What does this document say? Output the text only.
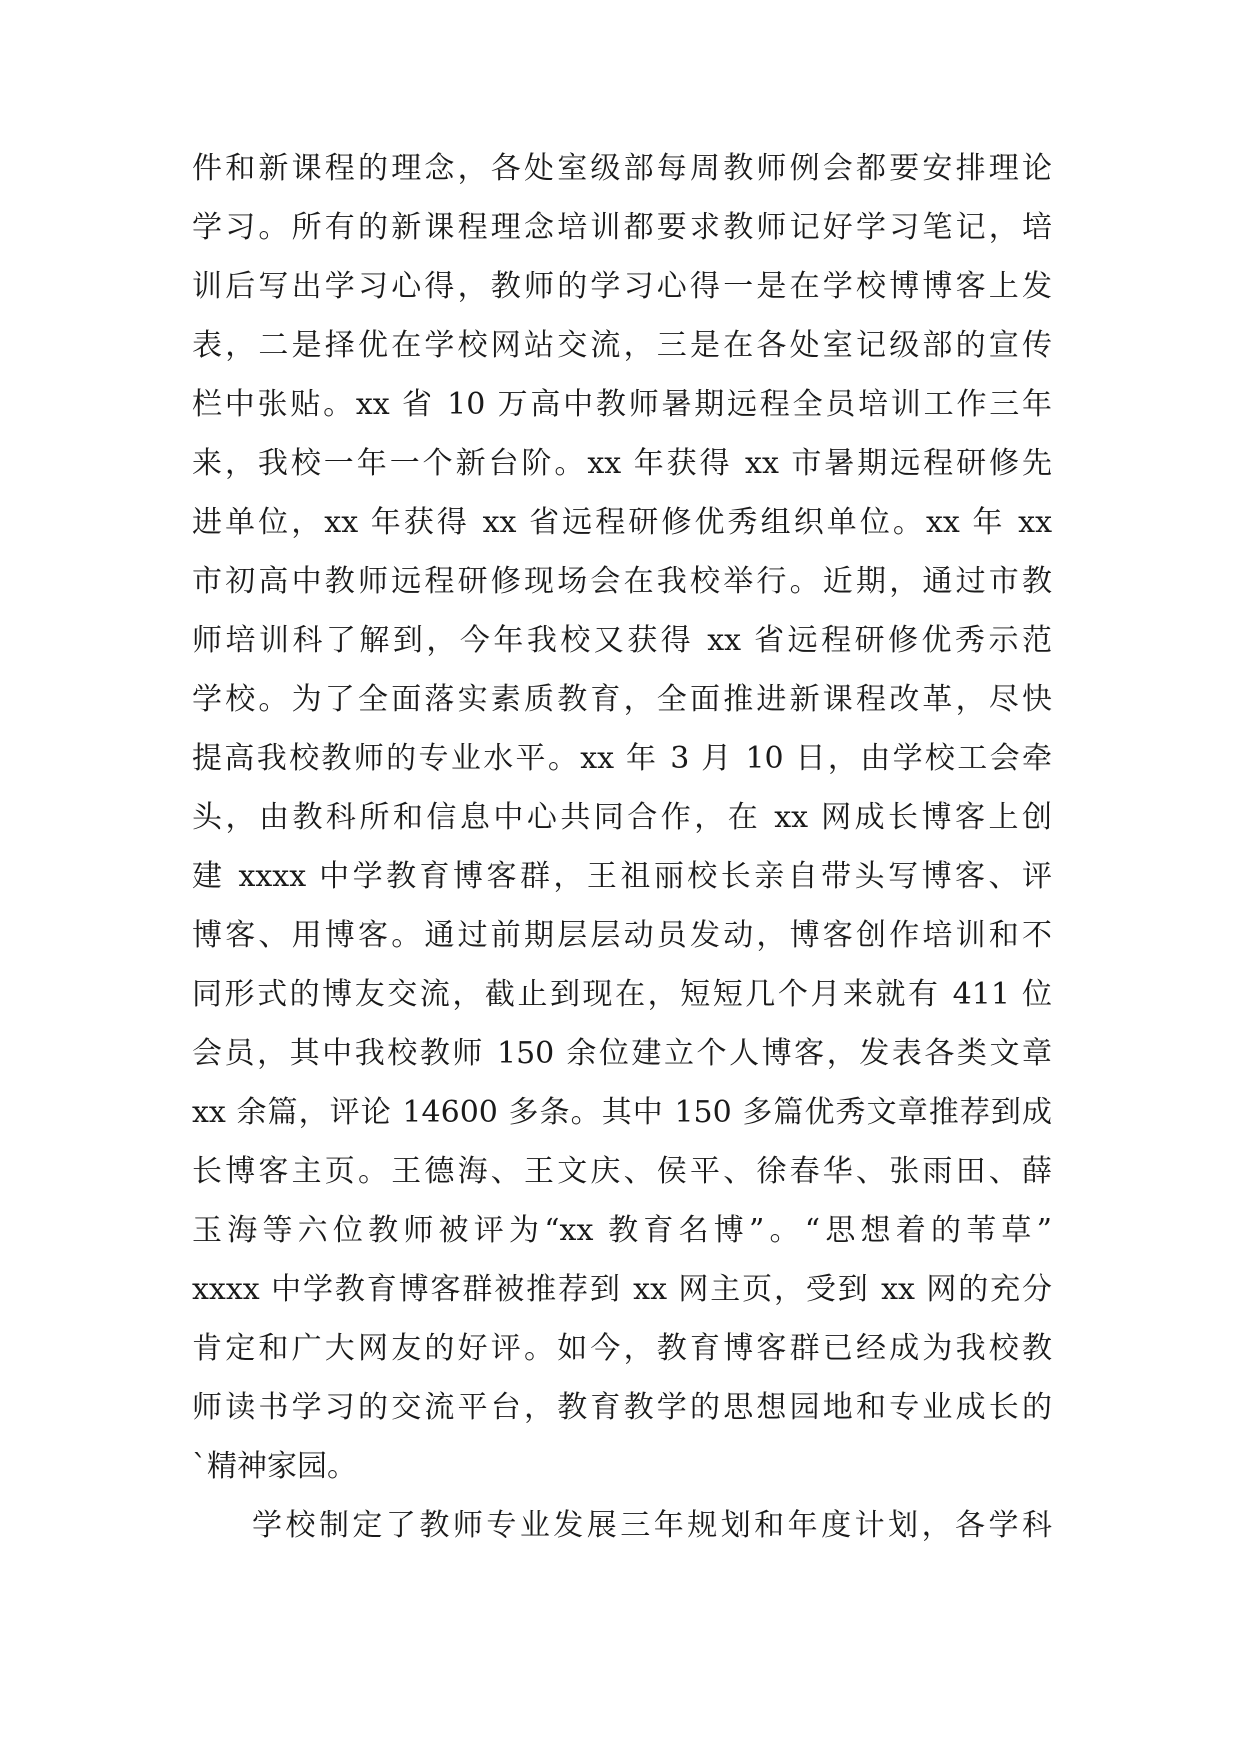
件和新课程的理念，各处室级部每周教师例会都要安排理论
学习。所有的新课程理念培训都要求教师记好学习笔记，培
训后写出学习心得，教师的学习心得一是在学校博博客上发
表，二是择优在学校网站交流，三是在各处室记级部的宣传
栏中张贴。xx 省 10 万高中教师暑期远程全员培训工作三年
来，我校一年一个新台阶。xx 年获得 xx 市暑期远程研修先
进单位，xx 年获得 xx 省远程研修优秀组织单位。xx 年 xx
市初高中教师远程研修现场会在我校举行。近期，通过市教
师培训科了解到，今年我校又获得 xx 省远程研修优秀示范
学校。为了全面落实素质教育，全面推进新课程改革，尽快
提高我校教师的专业水平。xx 年 3 月 10 日，由学校工会牵
头，由教科所和信息中心共同合作，在 xx 网成长博客上创
建 xxxx 中学教育博客群，王祖丽校长亲自带头写博客、评
博客、用博客。通过前期层层动员发动，博客创作培训和不
同形式的博友交流，截止到现在，短短几个月来就有 411 位
会员，其中我校教师 150 余位建立个人博客，发表各类文章
xx 余篇，评论 14600 多条。其中 150 多篇优秀文章推荐到成
长博客主页。王德海、王文庆、侯平、徐春华、张雨田、薛
玉海等六位教师被评为“xx 教育名博”。“思想着的苇草”
xxxx 中学教育博客群被推荐到 xx 网主页，受到 xx 网的充分
肯定和广大网友的好评。如今，教育博客群已经成为我校教
师读书学习的交流平台，教育教学的思想园地和专业成长的
`精神家园。
学校制定了教师专业发展三年规划和年度计划，各学科
